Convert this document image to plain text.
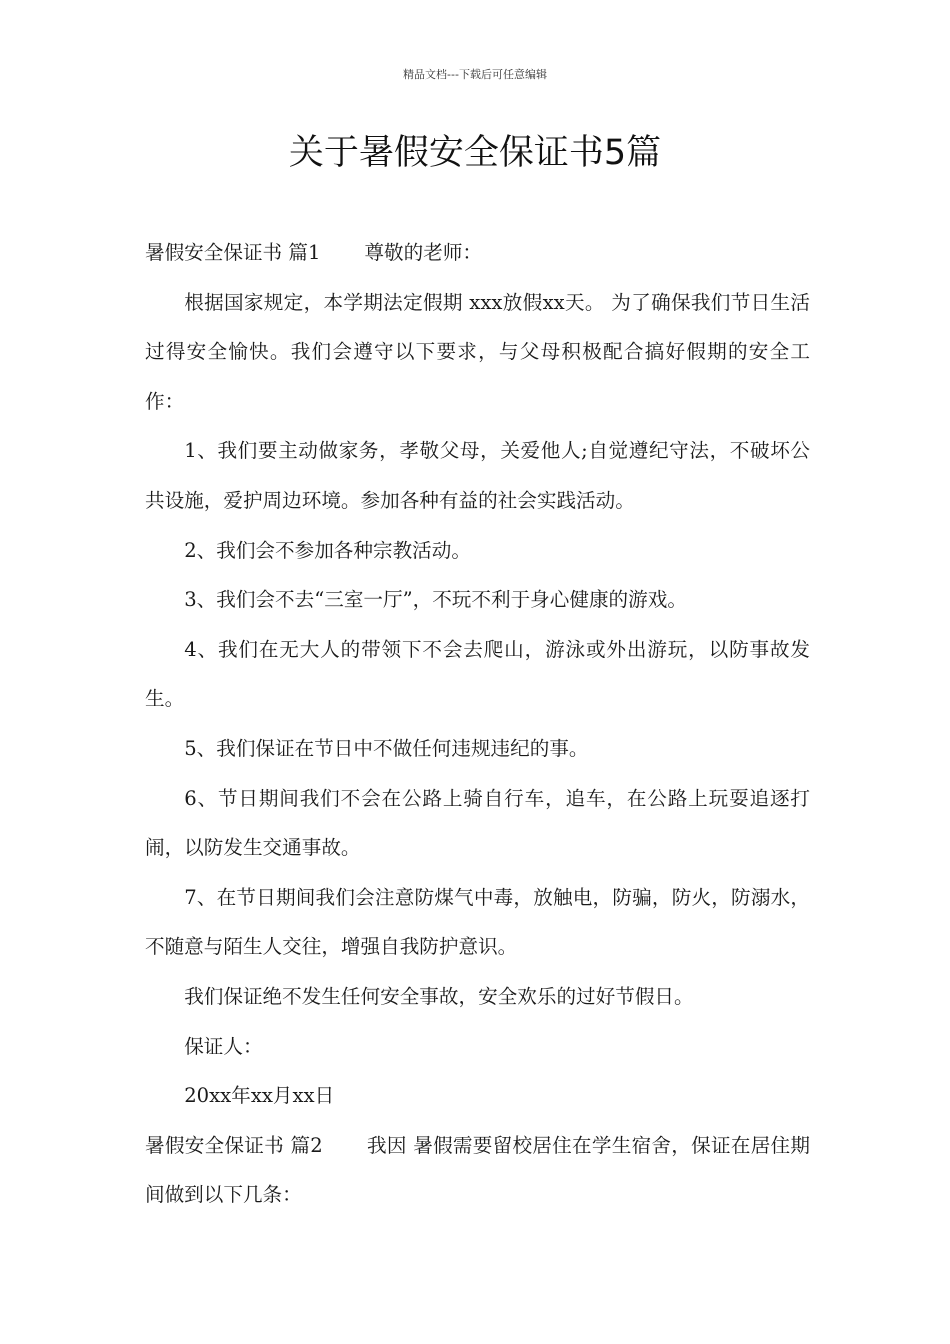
精品文档---下载后可任意编辑
关于暑假安全保证书5篇

暑假安全保证书 篇1 尊敬的老师：

根据国家规定，本学期法定假期 xxx放假xx天。 为了确保我们节日生活过得安全愉快。我们会遵守以下要求，与父母积极配合搞好假期的安全工作：

1、我们要主动做家务，孝敬父母，关爱他人;自觉遵纪守法，不破坏公共设施，爱护周边环境。参加各种有益的社会实践活动。

2、我们会不参加各种宗教活动。

3、我们会不去“三室一厅”，不玩不利于身心健康的游戏。

4、我们在无大人的带领下不会去爬山，游泳或外出游玩，以防事故发生。

5、我们保证在节日中不做任何违规违纪的事。

6、节日期间我们不会在公路上骑自行车，追车，在公路上玩耍追逐打闹，以防发生交通事故。

7、在节日期间我们会注意防煤气中毒，放触电，防骗，防火，防溺水，不随意与陌生人交往，增强自我防护意识。

我们保证绝不发生任何安全事故，安全欢乐的过好节假日。

保证人：

20xx年xx月xx日

暑假安全保证书 篇2 我因 暑假需要留校居住在学生宿舍，保证在居住期间做到以下几条：
